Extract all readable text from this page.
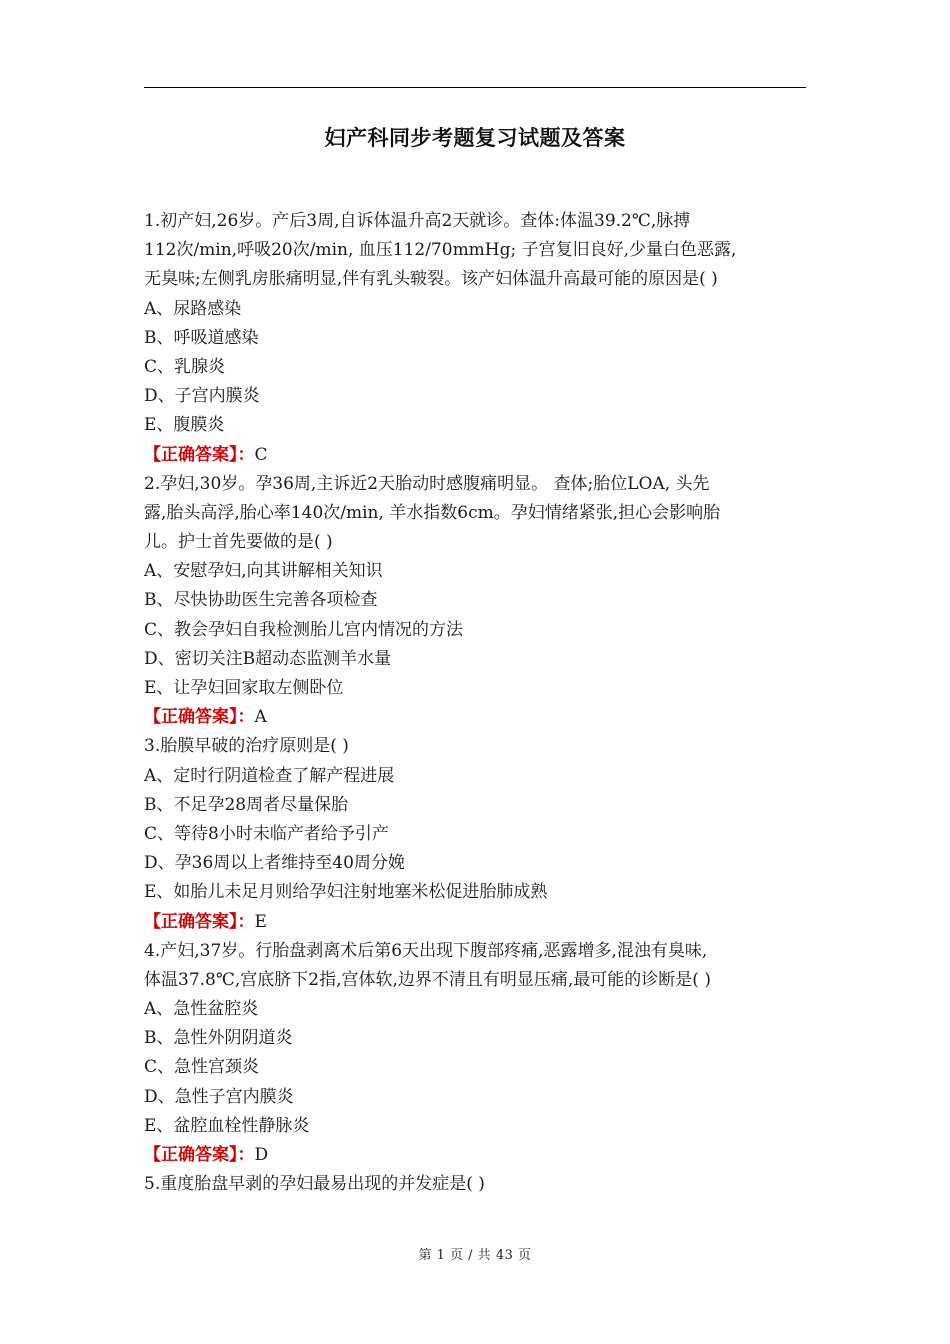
妇产科同步考题复习试题及答案
1.初产妇,26岁。产后3周,自诉体温升高2天就诊。查体:体温39.2℃,脉搏
112次/min,呼吸20次/min, 血压112/70mmHg; 子宫复旧良好,少量白色恶露,
无臭味;左侧乳房胀痛明显,伴有乳头皲裂。该产妇体温升高最可能的原因是( )
A、尿路感染
B、呼吸道感染
C、乳腺炎
D、子宫内膜炎
E、腹膜炎
【正确答案】：C
2.孕妇,30岁。孕36周,主诉近2天胎动时感腹痛明显。 查体;胎位LOA, 头先
露,胎头高浮,胎心率140次/min, 羊水指数6cm。孕妇情绪紧张,担心会影响胎
儿。护士首先要做的是( )
A、安慰孕妇,向其讲解相关知识
B、尽快协助医生完善各项检查
C、教会孕妇自我检测胎儿宫内情况的方法
D、密切关注B超动态监测羊水量
E、让孕妇回家取左侧卧位
【正确答案】：A
3.胎膜早破的治疗原则是( )
A、定时行阴道检查了解产程进展
B、不足孕28周者尽量保胎
C、等待8小时未临产者给予引产
D、孕36周以上者维持至40周分娩
E、如胎儿未足月则给孕妇注射地塞米松促进胎肺成熟
【正确答案】：E
4.产妇,37岁。行胎盘剥离术后第6天出现下腹部疼痛,恶露增多,混浊有臭味,
体温37.8℃,宫底脐下2指,宫体软,边界不清且有明显压痛,最可能的诊断是( )
A、急性盆腔炎
B、急性外阴阴道炎
C、急性宫颈炎
D、急性子宫内膜炎
E、盆腔血栓性静脉炎
【正确答案】：D
5.重度胎盘早剥的孕妇最易出现的并发症是( )
第 1 页 / 共 43 页
